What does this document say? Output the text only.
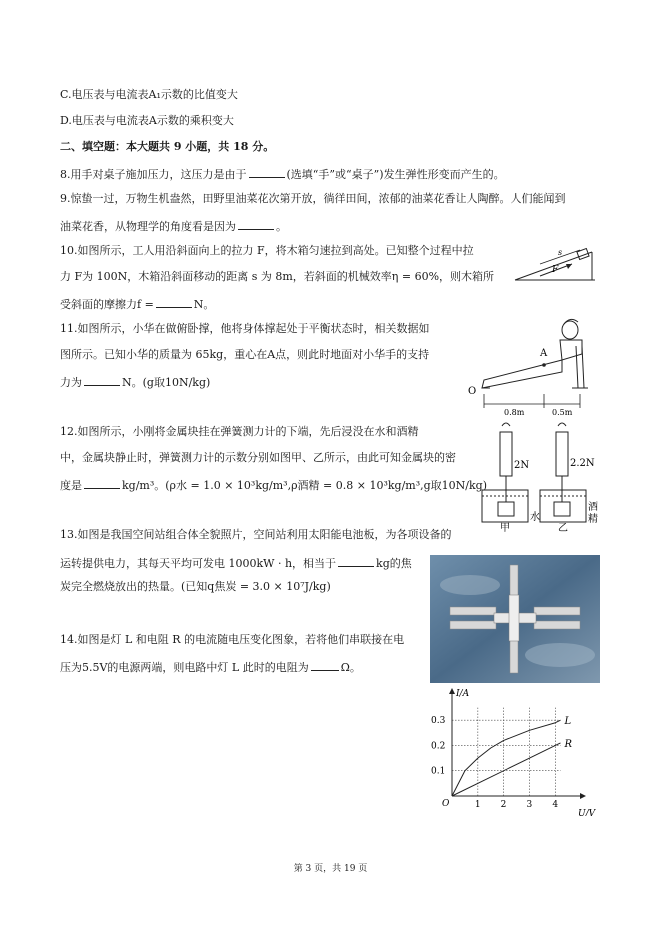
C.电压表与电流表A₁示数的比值变大
D.电压表与电流表A示数的乘积变大
二、填空题：本大题共 9 小题，共 18 分。
8.用手对桌子施加压力，这压力是由于	(选填“手”或“桌子”)发生弹性形变而产生的。
9.惊蛰一过，万物生机盎然，田野里油菜花次第开放，徜徉田间，浓郁的油菜花香让人陶醉。人们能闻到
油菜花香，从物理学的角度看是因为	。
10.如图所示，工人用沿斜面向上的拉力 F，将木箱匀速拉到高处。已知整个过程中拉
力 F为 100N，木箱沿斜面移动的距离 s 为 8m，若斜面的机械效率η = 60%，则木箱所
受斜面的摩擦力f =	N。
s
F
11.如图所示，小华在做俯卧撑，他将身体撑起处于平衡状态时，相关数据如
图所示。已知小华的质量为 65kg，重心在A点，则此时地面对小华手的支持
力为	N。(g取10N/kg)
A
O
0.8m	0.5m
12.如图所示，小刚将金属块挂在弹簧测力计的下端，先后浸没在水和酒精
中，金属块静止时，弹簧测力计的示数分别如图甲、乙所示，由此可知金属块的密
度是	kg/m³。(ρ水 = 1.0 × 10³kg/m³,ρ酒精 = 0.8 × 10³kg/m³,g取10N/kg)
2N
水
甲
2.2N
酒
精
乙
13.如图是我国空间站组合体全貌照片，空间站利用太阳能电池板，为各项设备的
运转提供电力，其每天平均可发电 1000kW · h，相当于	kg的焦
炭完全燃烧放出的热量。(已知q焦炭 = 3.0 × 10⁷J/kg)
14.如图是灯 L 和电阻 R 的电流随电压变化图象，若将他们串联接在电
压为5.5V的电源两端，则电路中灯 L 此时的电阻为	Ω。
1 2 3 4
0.1
0.2
0.3
O
U/V
I/A
L
R
第 3 页，共 19 页
